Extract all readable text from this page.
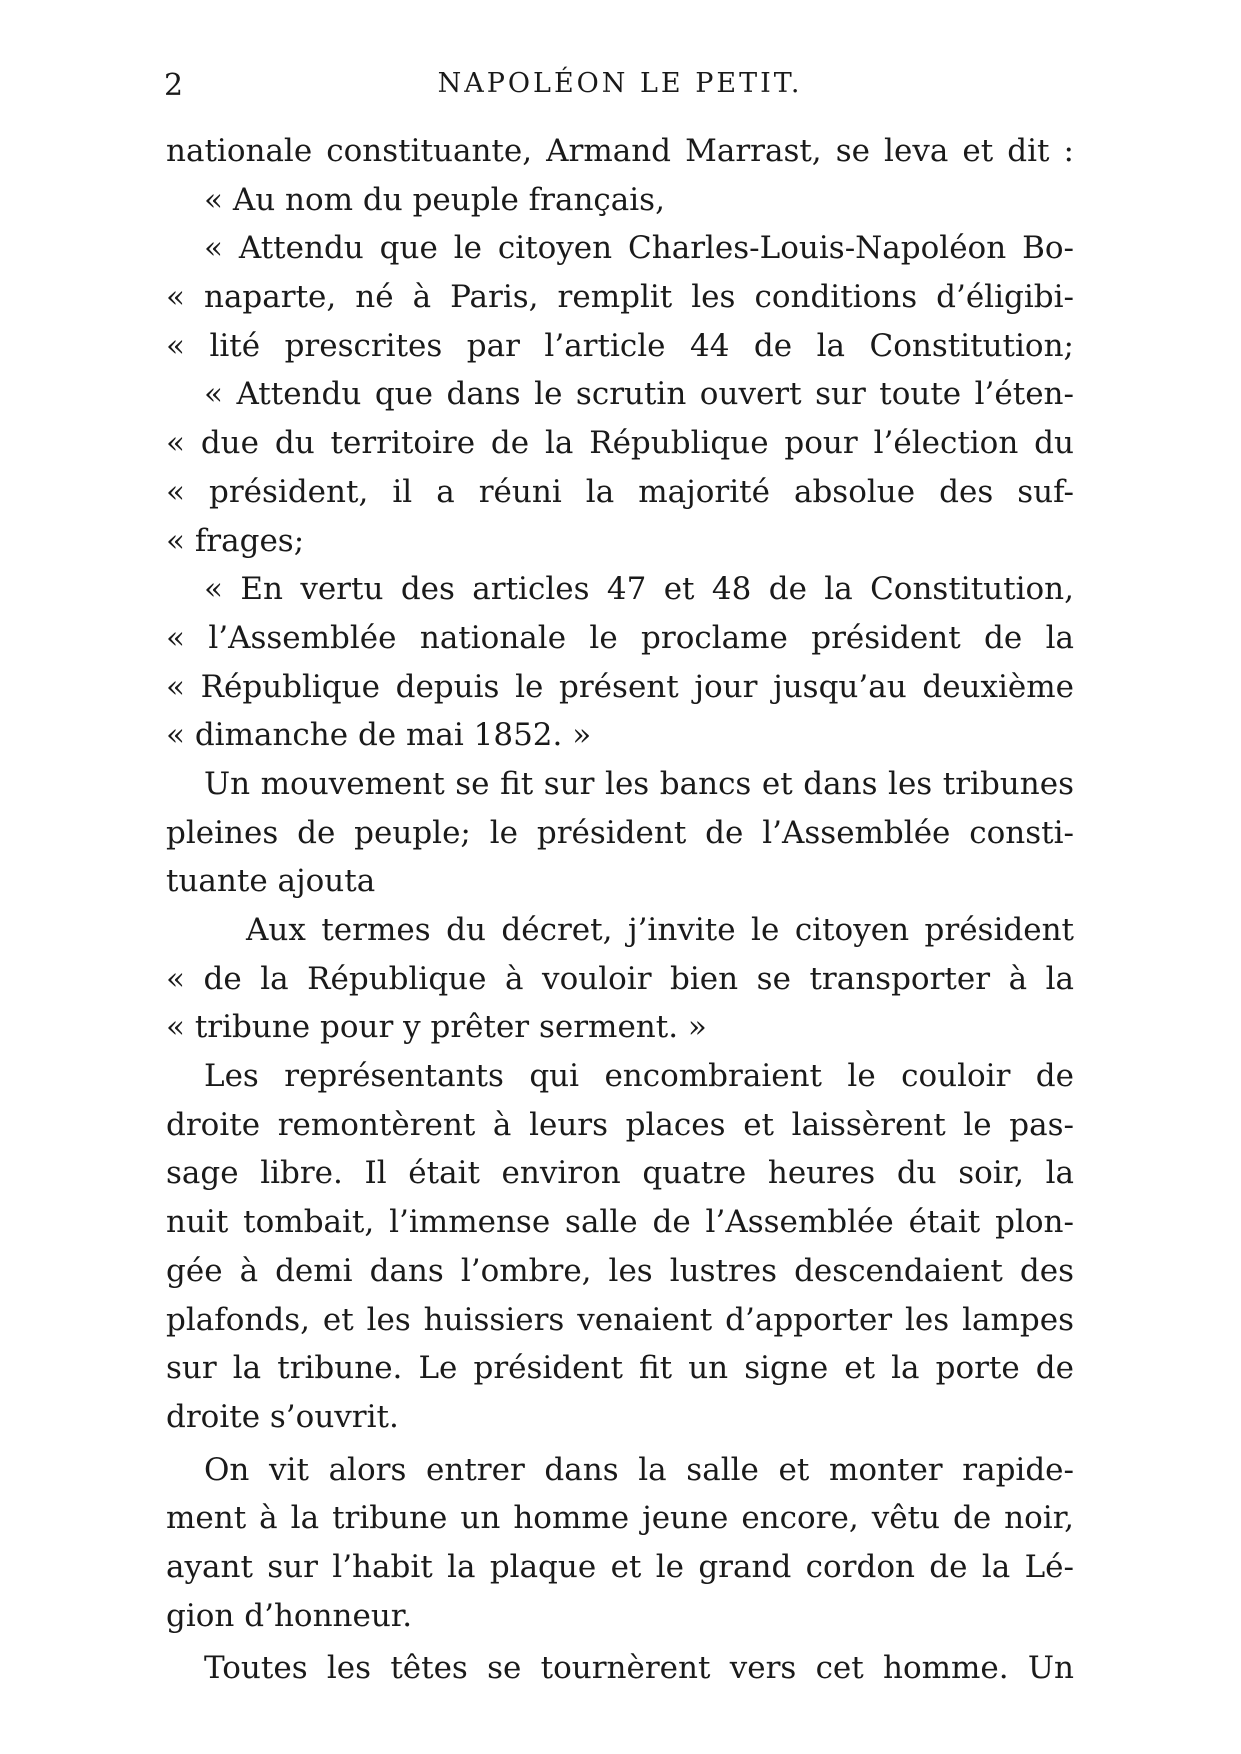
2	NAPOLÉON LE PETIT.
nationale constituante, Armand Marrast, se leva et dit :
« Au nom du peuple français,
« Attendu que le citoyen Charles-Louis-Napoléon Bo-
« naparte, né à Paris, remplit les conditions d’éligibi-
« lité prescrites par l’article 44 de la Constitution;
« Attendu que dans le scrutin ouvert sur toute l’éten-
« due du territoire de la République pour l’élection du
« président, il a réuni la majorité absolue des suf-
« frages;
« En vertu des articles 47 et 48 de la Constitution,
« l’Assemblée nationale le proclame président de la
« République depuis le présent jour jusqu’au deuxième
« dimanche de mai 1852. »
Un mouvement se fit sur les bancs et dans les tribunes
pleines de peuple; le président de l’Assemblée consti-
tuante ajouta
Aux termes du décret, j’invite le citoyen président
« de la République à vouloir bien se transporter à la
« tribune pour y prêter serment. »
Les représentants qui encombraient le couloir de
droite remontèrent à leurs places et laissèrent le pas-
sage libre. Il était environ quatre heures du soir, la
nuit tombait, l’immense salle de l’Assemblée était plon-
gée à demi dans l’ombre, les lustres descendaient des
plafonds, et les huissiers venaient d’apporter les lampes
sur la tribune. Le président fit un signe et la porte de
droite s’ouvrit.
On vit alors entrer dans la salle et monter rapide-
ment à la tribune un homme jeune encore, vêtu de noir,
ayant sur l’habit la plaque et le grand cordon de la Lé-
gion d’honneur.
Toutes les têtes se tournèrent vers cet homme. Un
